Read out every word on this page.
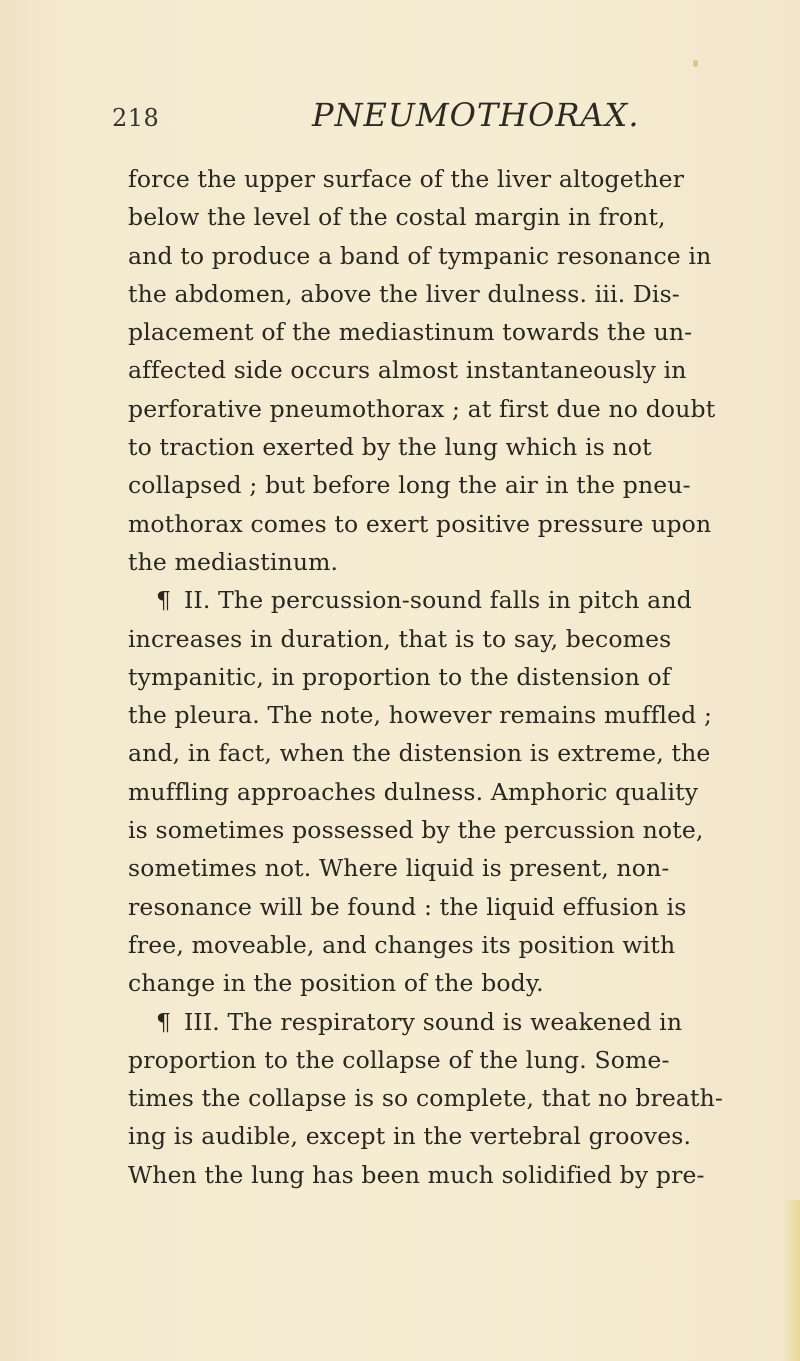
218	PNEUMOTHORAX.
force the upper surface of the liver altogether
below the level of the costal margin in front,
and to produce a band of tympanic resonance in
the abdomen, above the liver dulness. iii. Dis-
placement of the mediastinum towards the un-
affected side occurs almost instantaneously in
perforative pneumothorax ; at first due no doubt
to traction exerted by the lung which is not
collapsed ; but before long the air in the pneu-
mothorax comes to exert positive pressure upon
the mediastinum.
¶ II. The percussion-sound falls in pitch and
increases in duration, that is to say, becomes
tympanitic, in proportion to the distension of
the pleura. The note, however remains muffled ;
and, in fact, when the distension is extreme, the
muffling approaches dulness. Amphoric quality
is sometimes possessed by the percussion note,
sometimes not. Where liquid is present, non-
resonance will be found : the liquid effusion is
free, moveable, and changes its position with
change in the position of the body.
¶ III. The respiratory sound is weakened in
proportion to the collapse of the lung. Some-
times the collapse is so complete, that no breath-
ing is audible, except in the vertebral grooves.
When the lung has been much solidified by pre-
